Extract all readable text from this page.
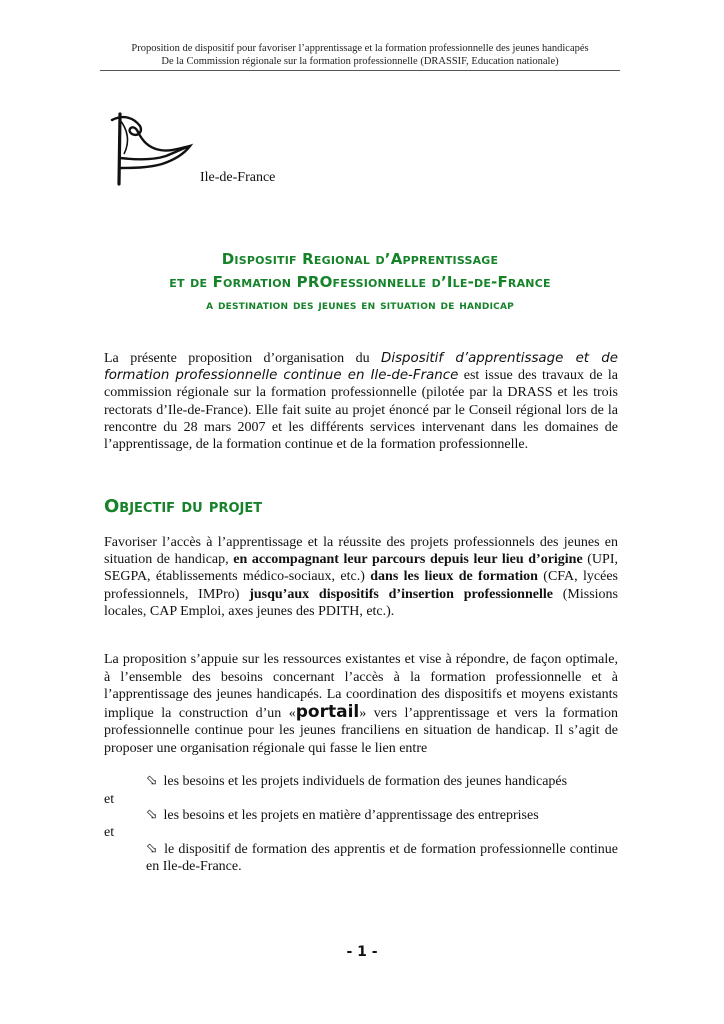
Proposition de dispositif pour favoriser l’apprentissage et la formation professionnelle des jeunes handicapés
De la Commission régionale sur la formation professionnelle (DRASSIF, Education nationale)
Ile-de-France
Dispositif Regional d’Apprentissage
et de Formation PROfessionnelle d’Ile-de-France
a destination des jeunes en situation de handicap
La présente proposition d’organisation du Dispositif d’apprentissage et de formation professionnelle continue en Ile-de-France est issue des travaux de la commission régionale sur la formation professionnelle (pilotée par la DRASS et les trois rectorats d’Ile-de-France). Elle fait suite au projet énoncé par le Conseil régional lors de la rencontre du 28 mars 2007 et les différents services intervenant dans les domaines de l’apprentissage, de la formation continue et de la formation professionnelle.
Objectif du projet
Favoriser l’accès à l’apprentissage et la réussite des projets professionnels des jeunes en situation de handicap, en accompagnant leur parcours depuis leur lieu d’origine (UPI, SEGPA, établissements médico-sociaux, etc.) dans les lieux de formation (CFA, lycées professionnels, IMPro) jusqu’aux dispositifs d’insertion professionnelle (Missions locales, CAP Emploi, axes jeunes des PDITH, etc.).
La proposition s’appuie sur les ressources existantes et vise à répondre, de façon optimale, à l’ensemble des besoins concernant l’accès à la formation professionnelle et à l’apprentissage des jeunes handicapés. La coordination des dispositifs et moyens existants implique la construction d’un «portail» vers l’apprentissage et vers la formation professionnelle continue pour les jeunes franciliens en situation de handicap. Il s’agit de proposer une organisation régionale qui fasse le lien entre
⬂ les besoins et les projets individuels de formation des jeunes handicapés
et
⬂ les besoins et les projets en matière d’apprentissage des entreprises
et
⬂ le dispositif de formation des apprentis et de formation professionnelle continue en Ile-de-France.
- 1 -
